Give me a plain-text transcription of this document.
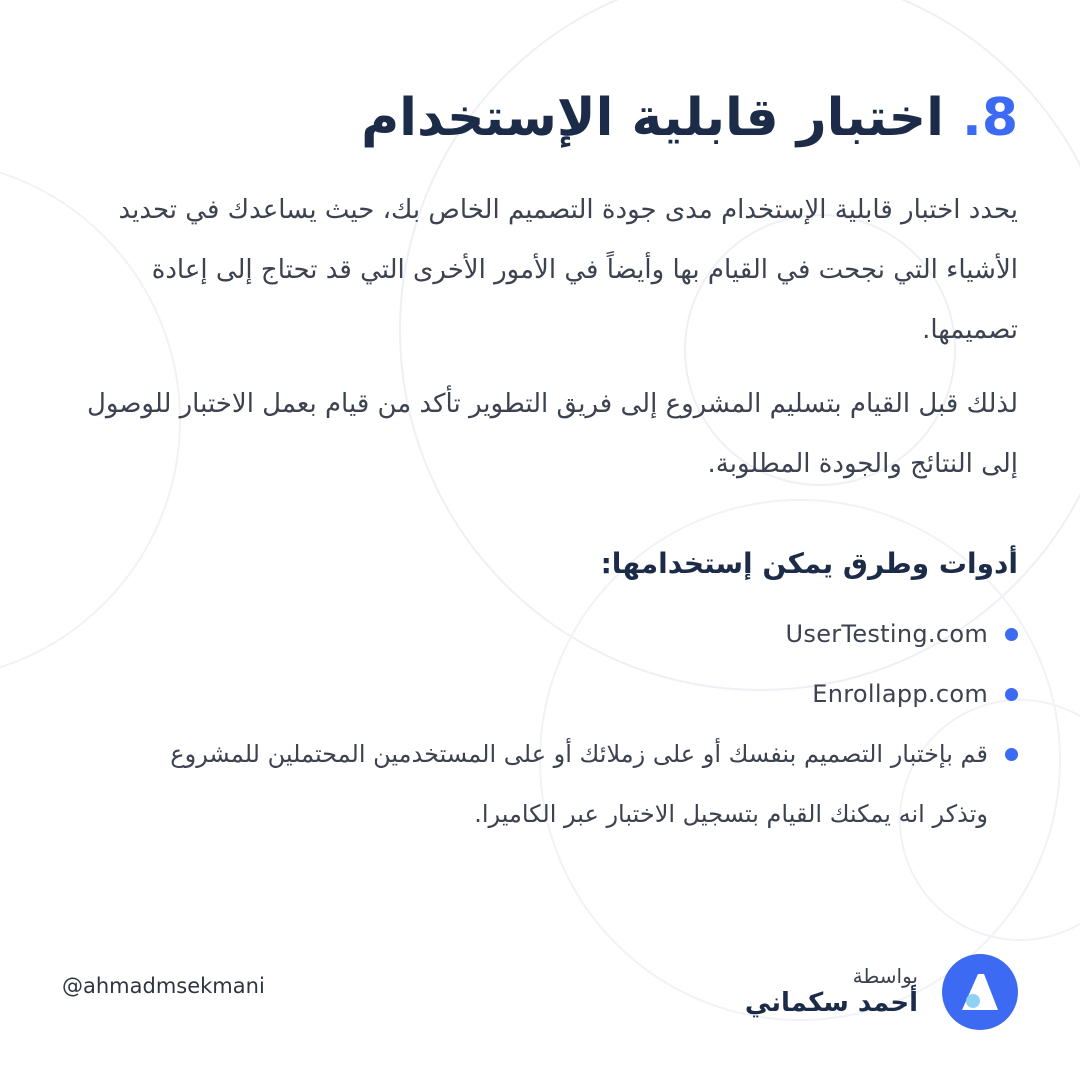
8. اختبار قابلية الإستخدام

يحدد اختبار قابلية الإستخدام مدى جودة التصميم الخاص بك، حيث يساعدك في تحديد الأشياء التي نجحت في القيام بها وأيضاً في الأمور الأخرى التي قد تحتاج إلى إعادة تصميمها.

لذلك قبل القيام بتسليم المشروع إلى فريق التطوير تأكد من قيام بعمل الاختبار للوصول إلى النتائج والجودة المطلوبة.

أدوات وطرق يمكن إستخدامها:
UserTesting.com
Enrollapp.com
قم بإختبار التصميم بنفسك أو على زملائك أو على المستخدمين المحتملين للمشروع وتذكر انه يمكنك القيام بتسجيل الاختبار عبر الكاميرا.
بواسطة
أحمد سكماني
@ahmadmsekmani
